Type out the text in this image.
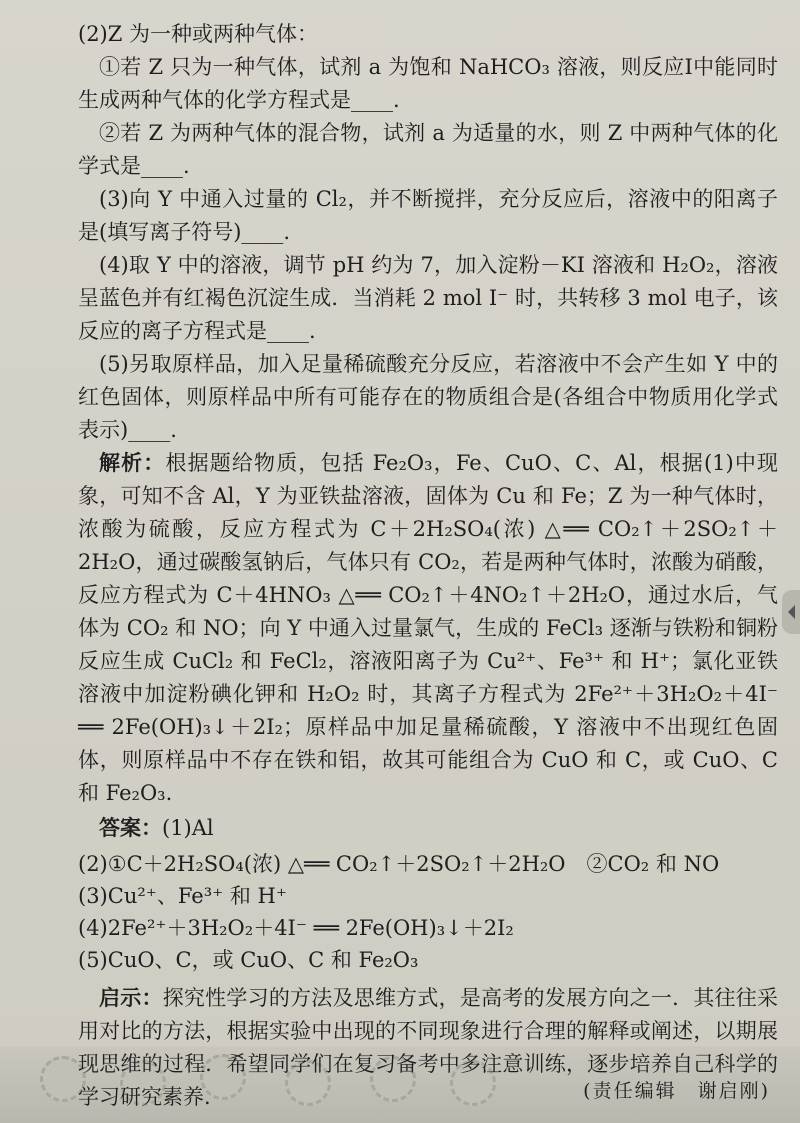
(2)Z 为一种或两种气体：

①若 Z 只为一种气体，试剂 a 为饱和 NaHCO₃ 溶液，则反应Ⅰ中能同时生成两种气体的化学方程式是____.

②若 Z 为两种气体的混合物，试剂 a 为适量的水，则 Z 中两种气体的化学式是____.

(3)向 Y 中通入过量的 Cl₂，并不断搅拌，充分反应后，溶液中的阳离子是(填写离子符号)____.

(4)取 Y 中的溶液，调节 pH 约为 7，加入淀粉－KI 溶液和 H₂O₂，溶液呈蓝色并有红褐色沉淀生成．当消耗 2 mol I⁻ 时，共转移 3 mol 电子，该反应的离子方程式是____.

(5)另取原样品，加入足量稀硫酸充分反应，若溶液中不会产生如 Y 中的红色固体，则原样品中所有可能存在的物质组合是(各组合中物质用化学式表示)____.

解析：根据题给物质，包括 Fe₂O₃，Fe、CuO、C、Al，根据(1)中现象，可知不含 Al，Y 为亚铁盐溶液，固体为 Cu 和 Fe；Z 为一种气体时，浓酸为硫酸，反应方程式为 C＋2H₂SO₄(浓) △══ CO₂↑＋2SO₂↑＋2H₂O，通过碳酸氢钠后，气体只有 CO₂，若是两种气体时，浓酸为硝酸，反应方程式为 C＋4HNO₃ △══ CO₂↑＋4NO₂↑＋2H₂O，通过水后，气体为 CO₂ 和 NO；向 Y 中通入过量氯气，生成的 FeCl₃ 逐渐与铁粉和铜粉反应生成 CuCl₂ 和 FeCl₂，溶液阳离子为 Cu²⁺、Fe³⁺ 和 H⁺；氯化亚铁溶液中加淀粉碘化钾和 H₂O₂ 时，其离子方程式为 2Fe²⁺＋3H₂O₂＋4I⁻ ══ 2Fe(OH)₃↓＋2I₂；原样品中加足量稀硫酸，Y 溶液中不出现红色固体，则原样品中不存在铁和铝，故其可能组合为 CuO 和 C，或 CuO、C 和 Fe₂O₃.

答案：(1)Al

(2)①C＋2H₂SO₄(浓) △══ CO₂↑＋2SO₂↑＋2H₂O　②CO₂ 和 NO

(3)Cu²⁺、Fe³⁺ 和 H⁺

(4)2Fe²⁺＋3H₂O₂＋4I⁻ ══ 2Fe(OH)₃↓＋2I₂

(5)CuO、C，或 CuO、C 和 Fe₂O₃

启示：探究性学习的方法及思维方式，是高考的发展方向之一．其往往采用对比的方法，根据实验中出现的不同现象进行合理的解释或阐述，以期展现思维的过程．希望同学们在复习备考中多注意训练，逐步培养自己科学的学习研究素养.	(责任编辑　谢启刚)
